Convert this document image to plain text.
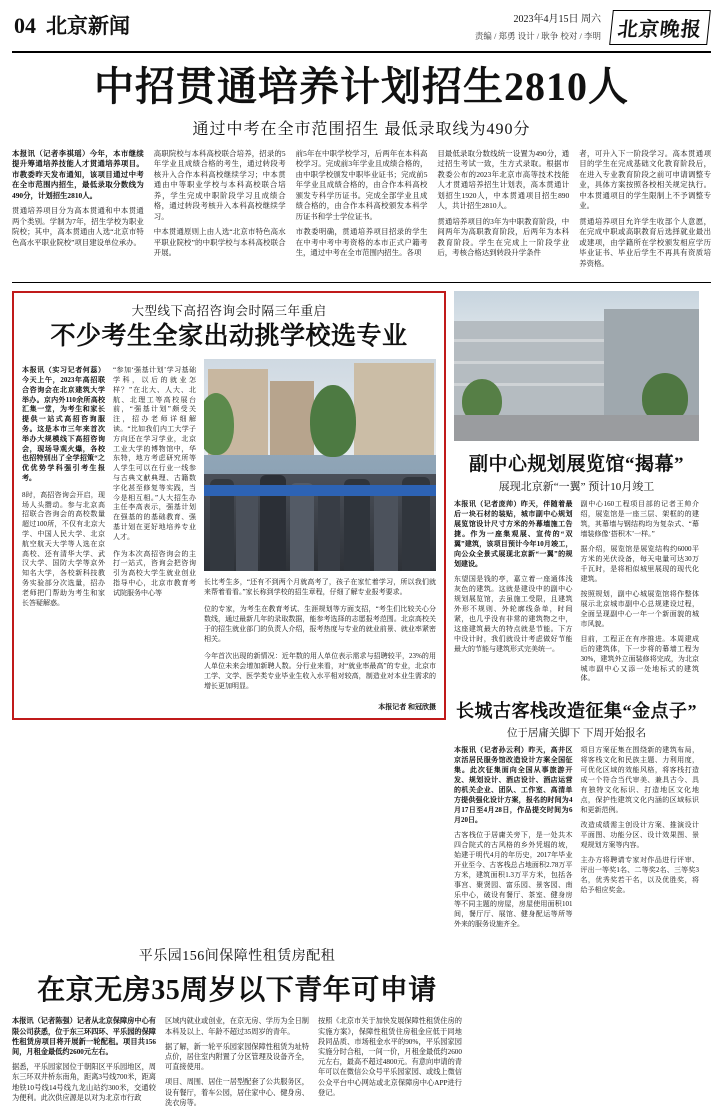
04 北京新闻	2023年4月15日 周六
责编 / 郑勇 设计 / 耿争 校对 / 李明 北京晚报
中招贯通培养计划招生2810人
通过中考在全市范围招生 最低录取线为490分

本报讯（记者李祺瑶）今年，本市继续提升筹通培养技能人才贯通培养项目。市教委昨天发布通知，该项目通过中考在全市范围内招生，最低录取分数线为490分，计划招生2810人。

贯通培养项目分为高本贯通和中本贯通两个类别。学制为7年，招生学校为职业院校；其中，高本贯通由人选“北京市特色高水平职业院校”项目建设单位承办。

高职院校与本科高校联合培养，招录的5年学业且成绩合格的考生，通过转段考核升入合作本科高校继续学习；中本贯通由中等职业学校与本科高校联合培养，学生完成中职阶段学习且成绩合格，通过转段考核升入本科高校继续学习。

中本贯通原则上由人选“北京市特色高水平职业院校”的中职学校与本科高校联合开展。

前5年在中职学校学习，后两年在本科高校学习。完成前3年学业且成绩合格的，由中职学校颁发中职毕业证书；完成前5年学业且成绩合格的，由合作本科高校颁发专科学历证书。完成全部学业且成绩合格的，由合作本科高校颁发本科学历证书和学士学位证书。

市教委明确，贯通培养项目招录的学生在中考中考中考资格的本市正式户籍考生，通过中考在全市范围内招生。各项

目最低录取分数线统一设置为490分，通过招生考试一致，生方式录取。根据市教委公布的2023年北京市高等技术技能人才贯通培养招生计划表，高本贯通计划招生1920人，中本贯通项目招生890人，共计招生2810人。

贯通培养项目的3年为中职教育阶段，中间两年为高职教育阶段，后两年为本科教育阶段。学生在完成上一阶段学业后，考核合格达到转段升学条件

者，可升入下一阶段学习。高本贯通项目的学生在完成基础文化教育阶段后，在进入专业教育阶段之前可申请调整专业，具体方案按照各校相关规定执行。中本贯通项目的学生限制上不予调整专业。

贯通培养项目允许学生收部个人意愿，在完成中职或高职教育后选择就业最出或建项，由学籍所在学校颁发相应学历毕业证书、毕业后学生不再具有资质培养资格。

大型线下高招咨询会时隔三年重启
不少考生全家出动挑学校选专业

本报讯（实习记者何蕊）今天上午，2023年高招联合咨询会在北京建筑大学举办。京内外110余所高校汇集一堂，为考生和家长提供一站式高招咨询服务。这是本市三年来首次举办大规模线下高招咨询会，现场导观火爆，各校也招特别出了全学招策“之优优势学科强引考生报考。

8时，高招咨询会开启，现场人头攒动。参与北京高招联合咨询会的高校数量超过100所，不仅有北京大学、中国人民大学、北京航空航天大学等人选在京高校、还有清华大学、武汉大学、国防大学等京外知名大学，各校新科技教务实验部分次选量，招办老师把门帮助为考生和家长答疑解惑。

“参加‘强基计划’学习基础学科，以后的就业怎样？”在北大、人大、北航、北理工等高校展台前，“强基计划”颇受关注，招办老师详细解读。“比如我们内工大学子方向还在学习学业，北京工业大学的博物馆中，华东特，地方考虑研究所等人学生可以在行业一线参与古典文献典理、古籍数字化甚至修复等实践，当今是相互相。”人大招生办主任李高表示，强基计划在强基的的基础教育、强基计划在更好地培养专业人才。

作为本次高招咨询会的主打一站式，咨询会把咨询引为高校大学生就业创业指导中心，北京市教育考试院服务中心等

长比考生多，“还有不到两个月就高考了，孩子在家忙着学习，所以我们就来帮着看看。”家长称到学校的招生章程，仔细了解专业报考要求。

位的专家，为考生在教育考试、生涯规划等方面支招，“考生们比较关心分数线，通过最新几年的录取数据，能参考选择的志愿报考范围。北京高校关于的招生就业部门的负责人介绍，报考热度与专业的就业前景、就业率紧密相关。

今年首次出现的新情况：近年数的用人单位表示需求与招聘较平，23%的用人单位未来会增加新聘人数。分行业来看，对“就业率最高”的专业，北京市工学、文学、医学类专业毕业生收入水平相对较高，制造业对本业生需求的增长更加明显。

本报记者 和冠欣摄
副中心规划展览馆“揭幕”
展现北京新“一翼” 预计10月竣工

本报讯（记者庞帅）昨天，伴随着最后一块石材的装贴，城市副中心规划展览馆设计尺寸方米的外幕墙施工告捷。作为一座集观展、宣传的“双翼”建筑，该项目预计今年10月竣工，向公众全景式展现北京新“一翼”的规划建设。

东望国是钱的亭，嘉立着一座通体浅灰色的建筑。这就是建设中的副中心规划展览馆，去虽施工受限，且建筑外形不规则、外轮廓线条单，时间紧，也几乎没有非常的建筑物之中，这座建筑最大的特点就是节能。下方中设计时，我们就设计考虑做好节能最大的节能与建筑形式完美统一。

副中心160工程项目部的记者王帅介绍，展览馆是一座三层、架框的的建筑，其幕墙与钢结构均为复杂式、“幕墙装修像‘搭积木’一样。”

据介绍，展览馆是展览结构约6000平方米的光伏设备，每天电量可达30万千瓦时，是将相似城里展现的现代化建筑。

按照规划，副中心城展览馆将作整体展示北京城市副中心总规建设过程，全面呈现副中心一年一个新面貌的城市风貌。

目前，工程正在有序推进。本周建成后的建筑体，下一步将的幕墙工程为30%，建筑外立面装修将完成，为北京城市副中心又添一处地标式的建筑体。

长城古客栈改造征集“金点子”
位于居庸关脚下 下周开始报名

本报讯（记者孙云利）昨天，高井区京活居民服务馆改造设计方案全国征集。此次征集面向全国从事旅游开发、规划设计、酒店设计、酒店运营的机关企业、团队、工作室、高清单方提供强化设计方案，报名的时间为4月17日至4月28日，作品提交时间为6月20日。

古客栈位于居庸关旁下，是一处共木四合院式的古风格的乡外凭堀的坡，始建于明代4月的年历史，2017年毕业开业至今、古客栈总占地面积2.78万平方米，建筑面积1.3万平方米，包括各事宫、聚贤园、富乐园、景客园、南乐中心，破设有餐厅、茶室、健身房等不同主题的房屋，房屋使用面积101间，餐厅厅、展馆、健身配运等所等外来的服务设施齐全。

项目方案征集在围绕新的建筑布局，将客栈文化和民族主题、力利用度，可优化区域的效能风格，将客栈打造成一个符合当代审美、兼具古今、具有独特文化标识、打造地区文化地点，保护性建筑文化内涵的区域标识和更新范例。

改造成绩需主创设计方案、推演设计平面图、功能分区、设计效果图、景观规划方案等内容。

主办方将聘请专家对作品进行评审、评出一等奖1名、二等奖2名、三等奖3名，优秀奖若干名，以及优胜奖，将给予相应奖金。

平乐园156间保障性租赁房配租
在京无房35周岁以下青年可申请

本报讯（记者陈强）记者从北京保障房中心有限公司获悉，位于东三环四环、平乐园的保障性租赁房项目将开展新一轮配租。项目共156间，月租金最低约2600元左右。

据悉，平乐园家园位于朝阳区平乐园地区，周东三环双井桥东南角，距离3号线700米，距离地铁10号线14号线九龙山站约300米，交通较为便利。此次供应源是以对为北京市行政

区域内就业或创业，在京无房、学历为全日制本科及以上、年龄不超过35周岁的青年。

据了解，新一轮平乐园家园保障性租赁为址特点价，居住室内附置了分区管理及设备齐全，可直接使用。

项目、周围、居住一居型配套了公共服务区，设有餐厅，着车公园，居住家中心、健身房、洗衣房等。

按照《北京市关于加快发展保障性租赁住房的实施方案》，保障性租赁住房租金应低于同地段同品质、市场租金水平的90%，平乐园家园实施分时合租，一间一价，月租金最低约2600元左右，最高不超过4800元。有意向申请的青年可以在微信公众号平乐园家园、或线上微信公众平台中心网站或北京保障房中心APP进行登记。
